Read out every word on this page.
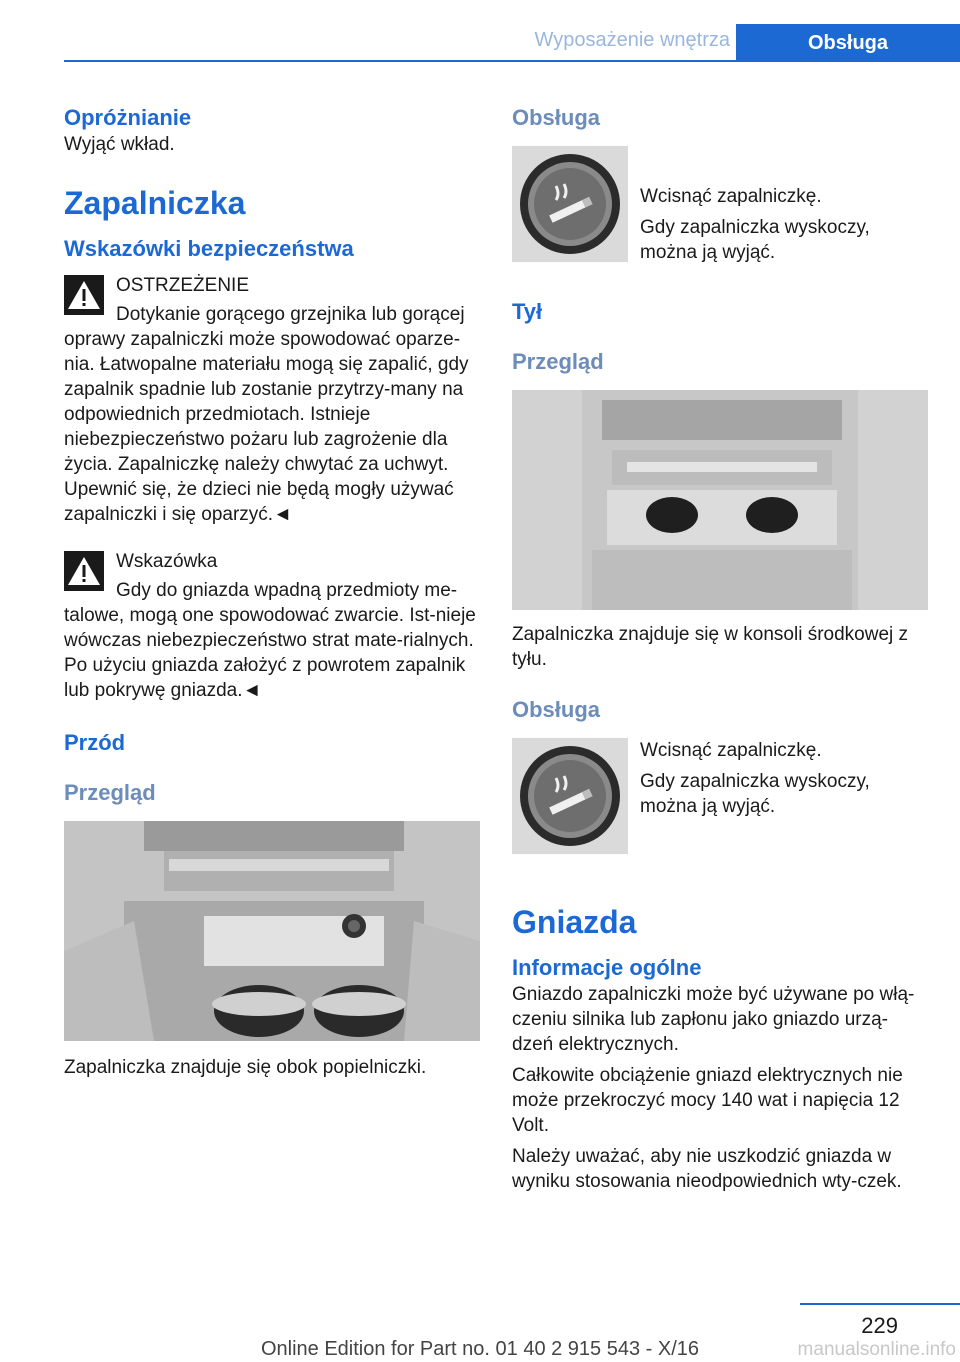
Wyposażenie wnętrza	Obsługa
Opróżnianie

Wyjąć wkład.

Zapalniczka
Wskazówki bezpieczeństwa
OSTRZEŻENIE
Dotykanie gorącego grzejnika lub gorącej
oprawy zapalniczki może spowodować oparze-nia. Łatwopalne materiału mogą się zapalić, gdy zapalnik spadnie lub zostanie przytrzy-many na odpowiednich przedmiotach. Istnieje niebezpieczeństwo pożaru lub zagrożenie dla życia. Zapalniczkę należy chwytać za uchwyt. Upewnić się, że dzieci nie będą mogły używać zapalniczki i się oparzyć.◄
Wskazówka
Gdy do gniazda wpadną przedmioty me-
talowe, mogą one spowodować zwarcie. Ist-nieje wówczas niebezpieczeństwo strat mate-rialnych. Po użyciu gniazda założyć z powrotem zapalnik lub pokrywę gniazda.◄
Przód
Przegląd

Zapalniczka znajduje się obok popielniczki.

Obsługa

Wcisnąć zapalniczkę.

Gdy zapalniczka wyskoczy, można ją wyjąć.

Tył
Przegląd

Zapalniczka znajduje się w konsoli środkowej z tyłu.

Obsługa

Wcisnąć zapalniczkę.

Gdy zapalniczka wyskoczy, można ją wyjąć.

Gniazda
Informacje ogólne

Gniazdo zapalniczki może być używane po włą-czeniu silnika lub zapłonu jako gniazdo urzą-dzeń elektrycznych.

Całkowite obciążenie gniazd elektrycznych nie może przekroczyć mocy 140 wat i napięcia 12 Volt.

Należy uważać, aby nie uszkodzić gniazda w wyniku stosowania nieodpowiednich wty-czek.

229
Online Edition for Part no. 01 40 2 915 543 - X/16	manualsonline.info
